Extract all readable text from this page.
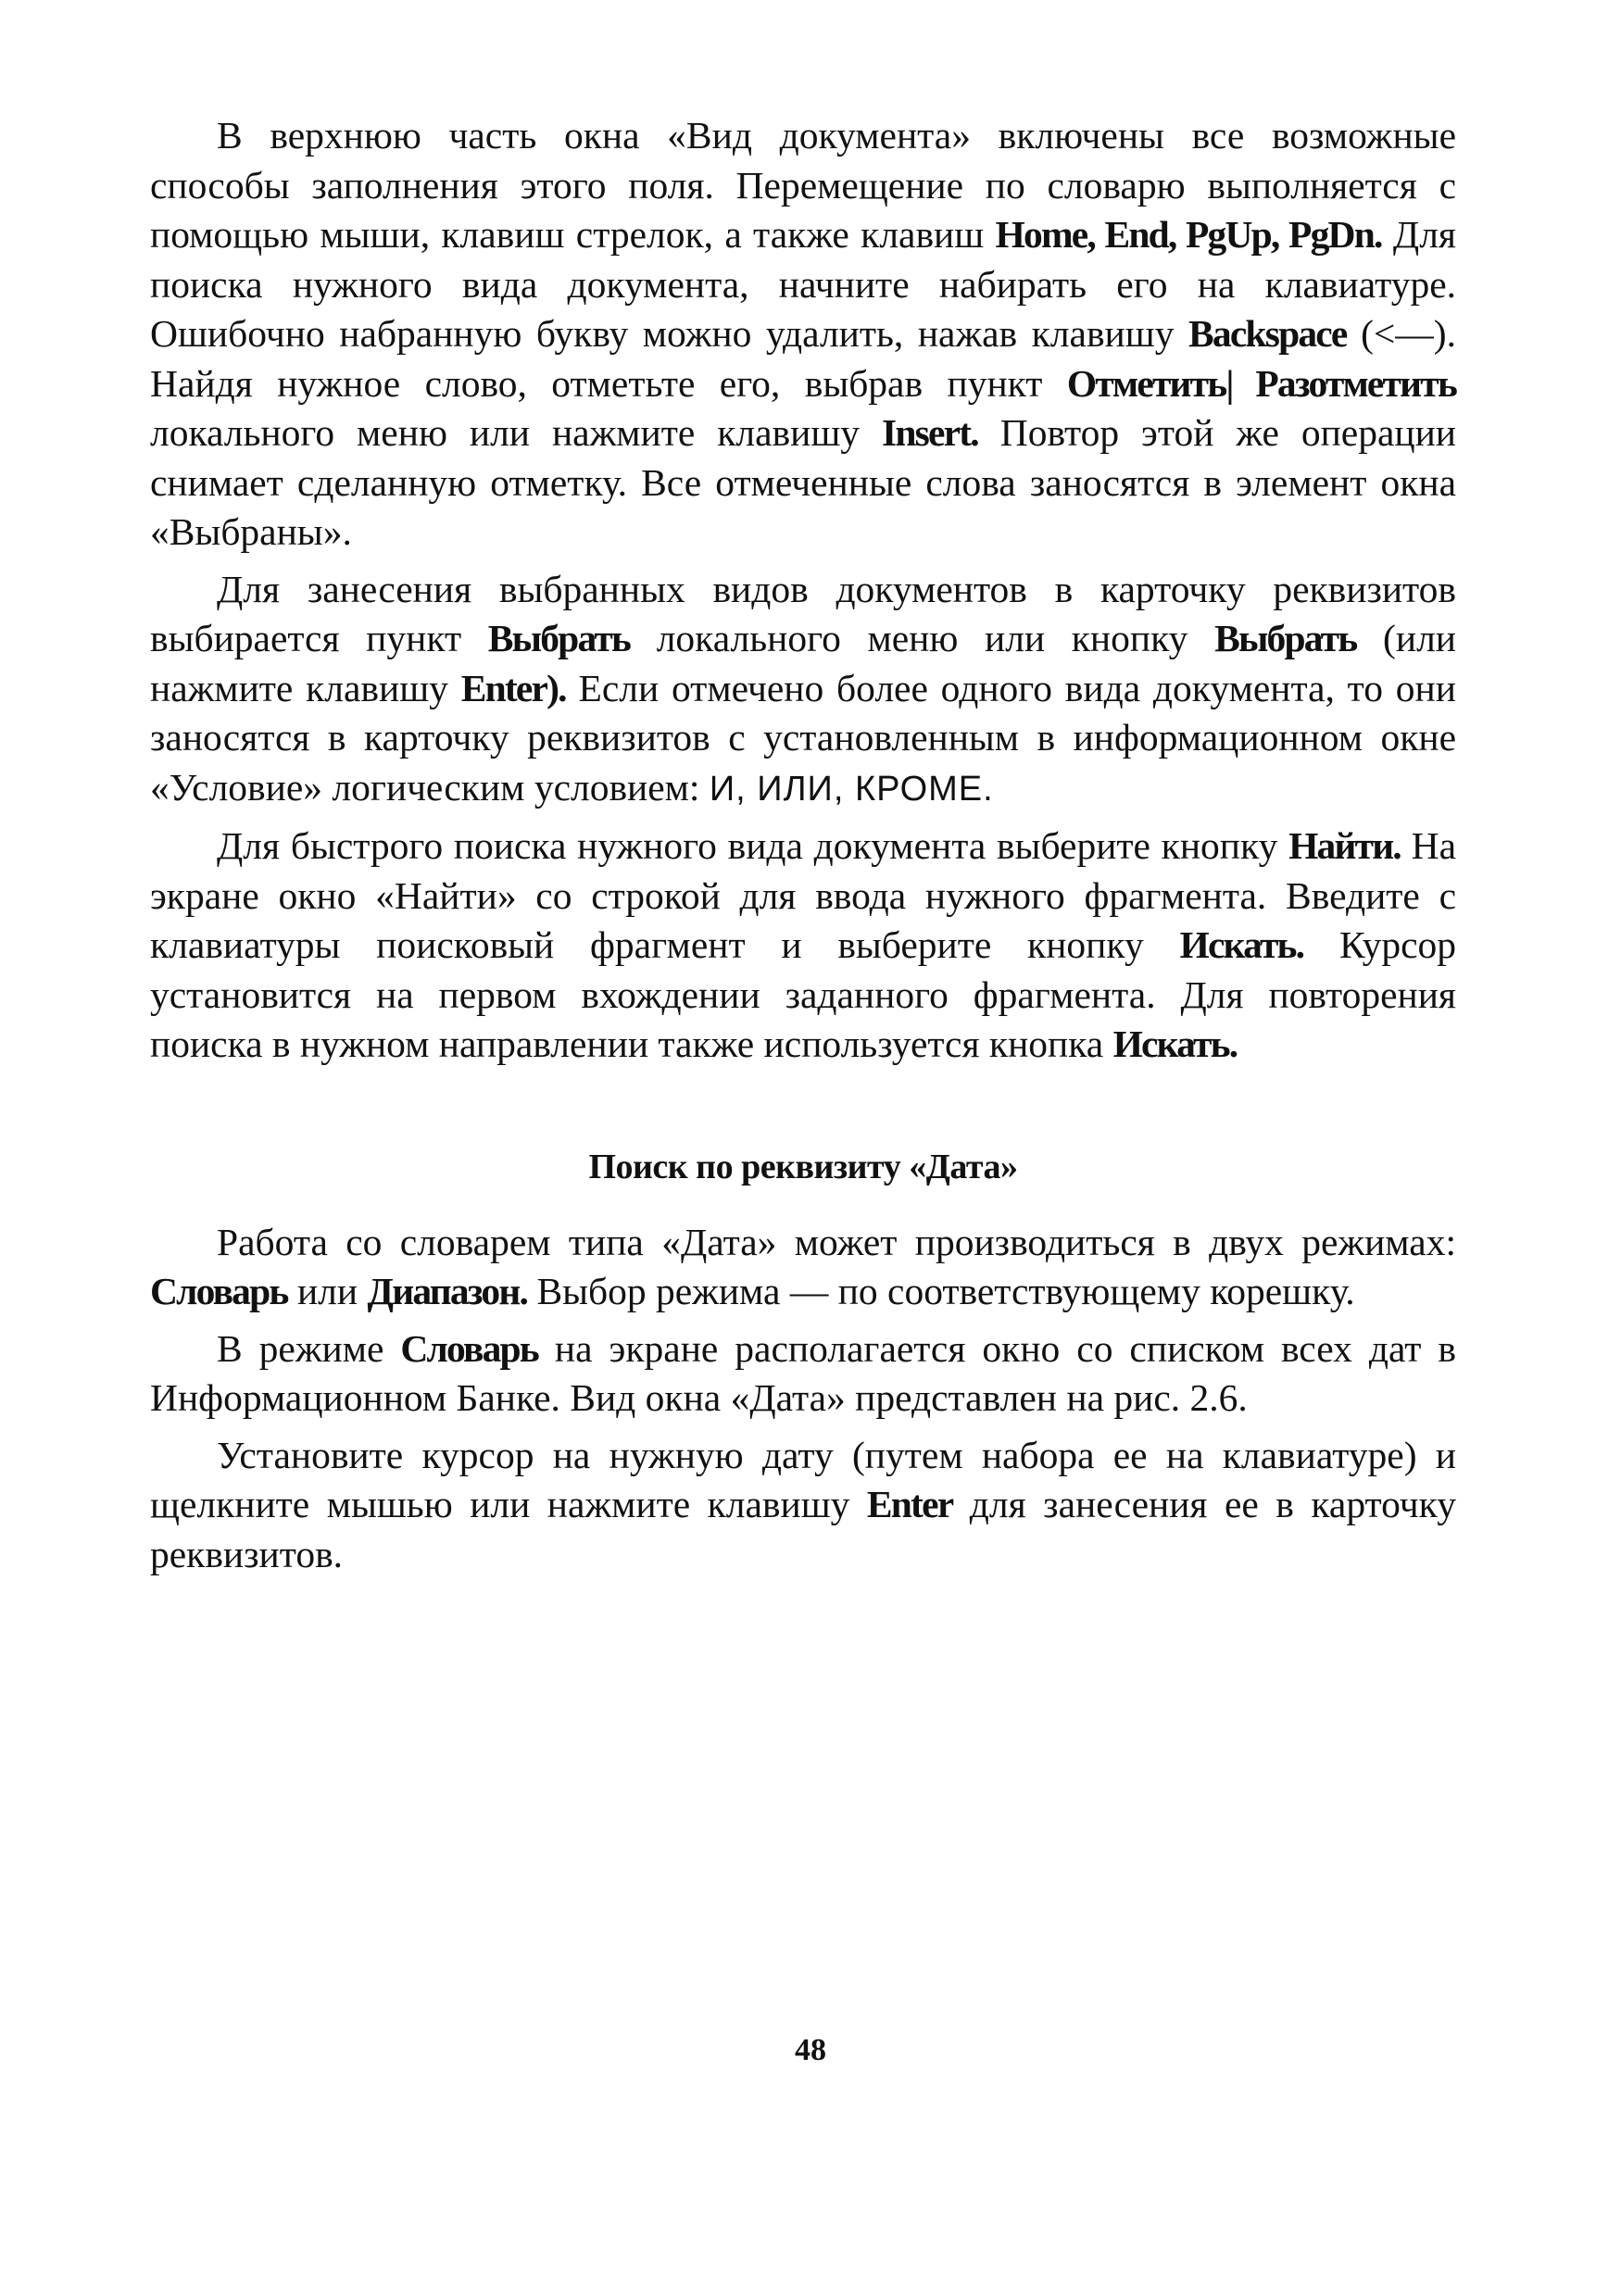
В верхнюю часть окна «Вид документа» включены все возможные способы заполнения этого поля. Перемещение по словарю выполняется с помощью мыши, клавиш стрелок, а также клавиш Home, End, PgUp, PgDn. Для поиска нужного вида документа, начните набирать его на клавиатуре. Ошибочно набранную букву можно удалить, нажав клавишу Backspace (<—). Найдя нужное слово, отметьте его, выбрав пункт Отметить| Разотметить локального меню или нажмите клавишу Insert. Повтор этой же операции снимает сделанную отметку. Все отмеченные слова заносятся в элемент окна «Выбраны».

Для занесения выбранных видов документов в карточку реквизитов выбирается пункт Выбрать локального меню или кнопку Выбрать (или нажмите клавишу Enter). Если отмечено более одного вида документа, то они заносятся в карточку реквизитов с установленным в информационном окне «Условие» логическим условием: И, ИЛИ, КРОМЕ.

Для быстрого поиска нужного вида документа выберите кнопку Найти. На экране окно «Найти» со строкой для ввода нужного фрагмента. Введите с клавиатуры поисковый фрагмент и выберите кнопку Искать. Курсор установится на первом вхождении заданного фрагмента. Для повторения поиска в нужном направлении также используется кнопка Искать.

Поиск по реквизиту «Дата»

Работа со словарем типа «Дата» может производиться в двух режимах: Словарь или Диапазон. Выбор режима — по соответствующему корешку.

В режиме Словарь на экране располагается окно со списком всех дат в Информационном Банке. Вид окна «Дата» представлен на рис. 2.6.

Установите курсор на нужную дату (путем набора ее на клавиатуре) и щелкните мышью или нажмите клавишу Enter для занесения ее в карточку реквизитов.

48
